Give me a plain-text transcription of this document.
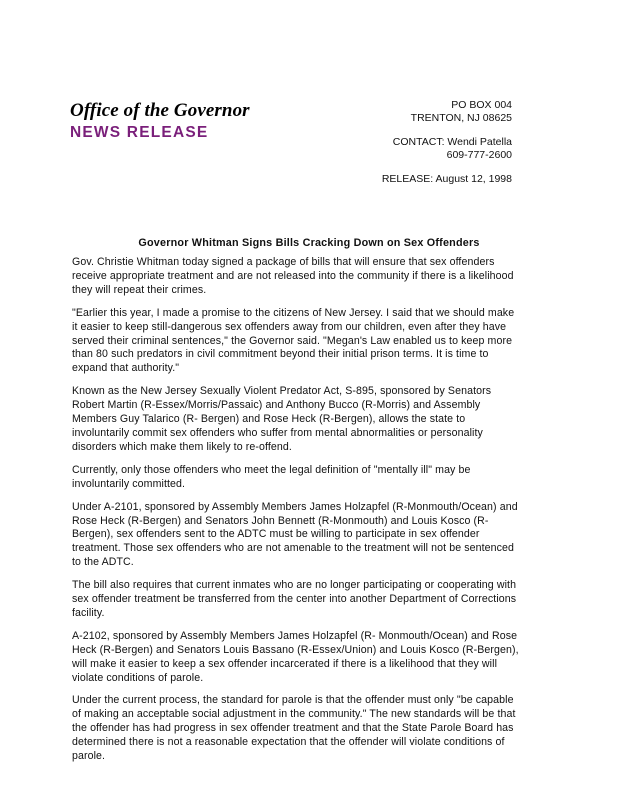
Office of the Governor
NEWS RELEASE
PO BOX 004
TRENTON, NJ 08625
CONTACT: Wendi Patella
609-777-2600
RELEASE: August 12, 1998
Governor Whitman Signs Bills Cracking Down on Sex Offenders

Gov. Christie Whitman today signed a package of bills that will ensure that sex offenders receive appropriate treatment and are not released into the community if there is a likelihood they will repeat their crimes.

"Earlier this year, I made a promise to the citizens of New Jersey. I said that we should make it easier to keep still-dangerous sex offenders away from our children, even after they have served their criminal sentences," the Governor said. "Megan's Law enabled us to keep more than 80 such predators in civil commitment beyond their initial prison terms. It is time to expand that authority."

Known as the New Jersey Sexually Violent Predator Act, S-895, sponsored by Senators Robert Martin (R-Essex/Morris/Passaic) and Anthony Bucco (R-Morris) and Assembly Members Guy Talarico (R- Bergen) and Rose Heck (R-Bergen), allows the state to involuntarily commit sex offenders who suffer from mental abnormalities or personality disorders which make them likely to re-offend.

Currently, only those offenders who meet the legal definition of "mentally ill" may be involuntarily committed.

Under A-2101, sponsored by Assembly Members James Holzapfel (R-Monmouth/Ocean) and Rose Heck (R-Bergen) and Senators John Bennett (R-Monmouth) and Louis Kosco (R-Bergen), sex offenders sent to the ADTC must be willing to participate in sex offender treatment. Those sex offenders who are not amenable to the treatment will not be sentenced to the ADTC.

The bill also requires that current inmates who are no longer participating or cooperating with sex offender treatment be transferred from the center into another Department of Corrections facility.

A-2102, sponsored by Assembly Members James Holzapfel (R- Monmouth/Ocean) and Rose Heck (R-Bergen) and Senators Louis Bassano (R-Essex/Union) and Louis Kosco (R-Bergen), will make it easier to keep a sex offender incarcerated if there is a likelihood that they will violate conditions of parole.

Under the current process, the standard for parole is that the offender must only "be capable of making an acceptable social adjustment in the community." The new standards will be that the offender has had progress in sex offender treatment and that the State Parole Board has determined there is not a reasonable expectation that the offender will violate conditions of parole.
